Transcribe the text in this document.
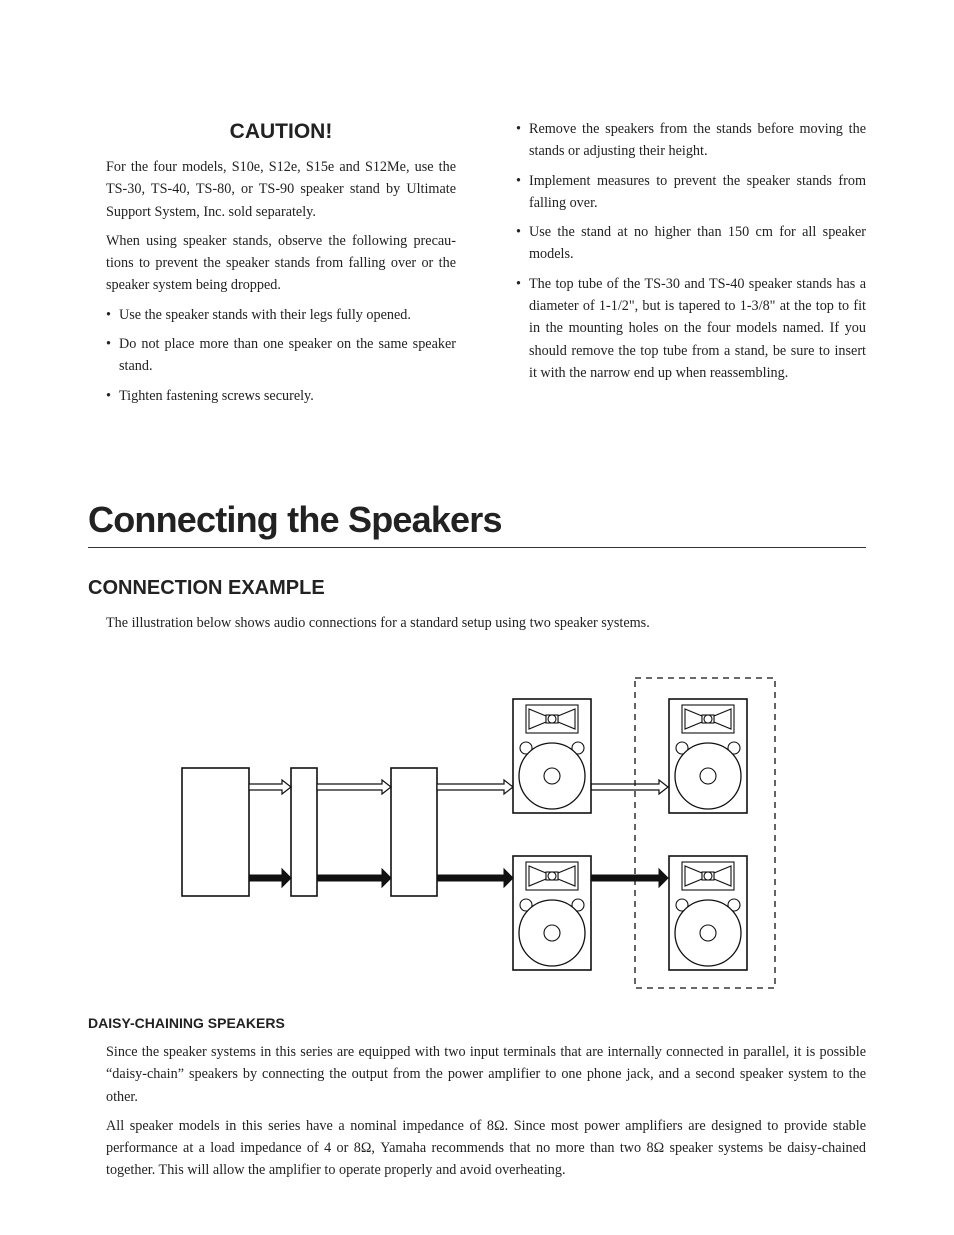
CAUTION!

For the four models, S10e, S12e, S15e and S12Me, use the TS-30, TS-40, TS-80, or TS-90 speaker stand by Ultimate Support System, Inc. sold separately.

When using speaker stands, observe the following precau-tions to prevent the speaker stands from falling over or the speaker system being dropped.

• Use the speaker stands with their legs fully opened.
• Do not place more than one speaker on the same speaker stand.
• Tighten fastening screws securely.
• Remove the speakers from the stands before moving the stands or adjusting their height.
• Implement measures to prevent the speaker stands from falling over.
• Use the stand at no higher than 150 cm for all speaker models.
• The top tube of the TS-30 and TS-40 speaker stands has a diameter of 1-1/2", but is tapered to 1-3/8" at the top to fit in the mounting holes on the four models named. If you should remove the top tube from a stand, be sure to insert it with the narrow end up when reassembling.
Connecting the Speakers
CONNECTION EXAMPLE

The illustration below shows audio connections for a standard setup using two speaker systems.

DAISY-CHAINING SPEAKERS

Since the speaker systems in this series are equipped with two input terminals that are internally connected in parallel, it is possible “daisy-chain” speakers by connecting the output from the power amplifier to one phone jack, and a second speaker system to the other.

All speaker models in this series have a nominal impedance of 8Ω. Since most power amplifiers are designed to provide stable performance at a load impedance of 4 or 8Ω, Yamaha recommends that no more than two 8Ω speaker systems be daisy-chained together. This will allow the amplifier to operate properly and avoid overheating.
